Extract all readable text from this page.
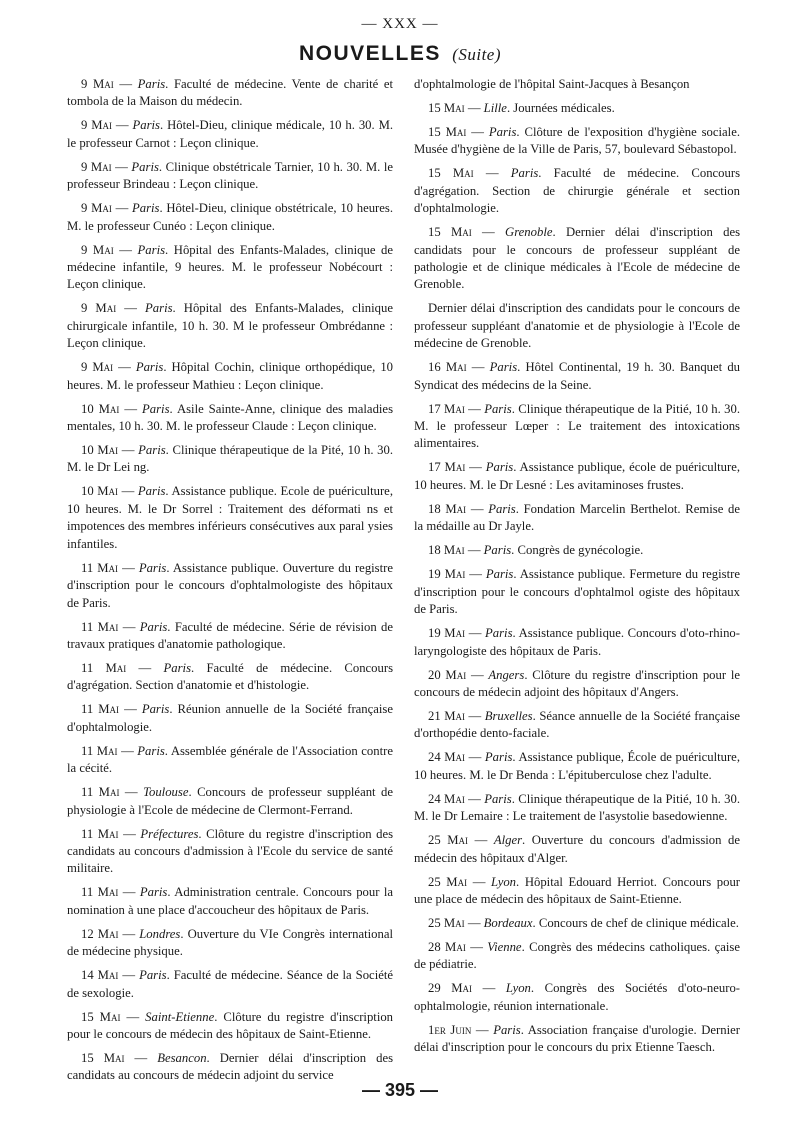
— XXX —
NOUVELLES (Suite)

9 Mai — Paris. Faculté de médecine. Vente de charité et tombola de la Maison du médecin.

9 Mai — Paris. Hôtel-Dieu, clinique médicale, 10 h. 30. M. le professeur Carnot : Leçon clinique.

9 Mai — Paris. Clinique obstétricale Tarnier, 10 h. 30. M. le professeur Brindeau : Leçon clinique.

9 Mai — Paris. Hôtel-Dieu, clinique obstétricale, 10 heures. M. le professeur Cunéo : Leçon clinique.

9 Mai — Paris. Hôpital des Enfants-Malades, clinique de médecine infantile, 9 heures. M. le professeur Nobécourt : Leçon clinique.

9 Mai — Paris. Hôpital des Enfants-Malades, clinique chirurgicale infantile, 10 h. 30. M le professeur Ombrédanne : Leçon clinique.

9 Mai — Paris. Hôpital Cochin, clinique orthopédique, 10 heures. M. le professeur Mathieu : Leçon clinique.

10 Mai — Paris. Asile Sainte-Anne, clinique des maladies mentales, 10 h. 30. M. le professeur Claude : Leçon clinique.

10 Mai — Paris. Clinique thérapeutique de la Pité, 10 h. 30. M. le Dr Lei ng.

10 Mai — Paris. Assistance publique. Ecole de puériculture, 10 heures. M. le Dr Sorrel : Traitement des déformati ns et impotences des membres inférieurs consécutives aux paral ysies infantiles.

11 Mai — Paris. Assistance publique. Ouverture du registre d'inscription pour le concours d'ophtalmologiste des hôpitaux de Paris.

11 Mai — Paris. Faculté de médecine. Série de révision de travaux pratiques d'anatomie pathologique.

11 Mai — Paris. Faculté de médecine. Concours d'agrégation. Section d'anatomie et d'histologie.

11 Mai — Paris. Réunion annuelle de la Société française d'ophtalmologie.

11 Mai — Paris. Assemblée générale de l'Association contre la cécité.

11 Mai — Toulouse. Concours de professeur suppléant de physiologie à l'Ecole de médecine de Clermont-Ferrand.

11 Mai — Préfectures. Clôture du registre d'inscription des candidats au concours d'admission à l'Ecole du service de santé militaire.

11 Mai — Paris. Administration centrale. Concours pour la nomination à une place d'accoucheur des hôpitaux de Paris.

12 Mai — Londres. Ouverture du VIe Congrès international de médecine physique.

14 Mai — Paris. Faculté de médecine. Séance de la Société de sexologie.

15 Mai — Saint-Etienne. Clôture du registre d'inscription pour le concours de médecin des hôpitaux de Saint-Etienne.

15 Mai — Besancon. Dernier délai d'inscription des candidats au concours de médecin adjoint du service

d'ophtalmologie de l'hôpital Saint-Jacques à Besançon

15 Mai — Lille. Journées médicales.

15 Mai — Paris. Clôture de l'exposition d'hygiène sociale. Musée d'hygiène de la Ville de Paris, 57, boulevard Sébastopol.

15 Mai — Paris. Faculté de médecine. Concours d'agrégation. Section de chirurgie générale et section d'ophtalmologie.

15 Mai — Grenoble. Dernier délai d'inscription des candidats pour le concours de professeur suppléant de pathologie et de clinique médicales à l'Ecole de médecine de Grenoble.

Dernier délai d'inscription des candidats pour le concours de professeur suppléant d'anatomie et de physiologie à l'Ecole de médecine de Grenoble.

16 Mai — Paris. Hôtel Continental, 19 h. 30. Banquet du Syndicat des médecins de la Seine.

17 Mai — Paris. Clinique thérapeutique de la Pitié, 10 h. 30. M. le professeur Lœper : Le traitement des intoxications alimentaires.

17 Mai — Paris. Assistance publique, école de puériculture, 10 heures. M. le Dr Lesné : Les avitaminoses frustes.

18 Mai — Paris. Fondation Marcelin Berthelot. Remise de la médaille au Dr Jayle.

18 Mai — Paris. Congrès de gynécologie.

19 Mai — Paris. Assistance publique. Fermeture du registre d'inscription pour le concours d'ophtalmol ogiste des hôpitaux de Paris.

19 Mai — Paris. Assistance publique. Concours d'oto-rhino-laryngologiste des hôpitaux de Paris.

20 Mai — Angers. Clôture du registre d'inscription pour le concours de médecin adjoint des hôpitaux d'Angers.

21 Mai — Bruxelles. Séance annuelle de la Société française d'orthopédie dento-faciale.

24 Mai — Paris. Assistance publique, École de puériculture, 10 heures. M. le Dr Benda : L'épituberculose chez l'adulte.

24 Mai — Paris. Clinique thérapeutique de la Pitié, 10 h. 30. M. le Dr Lemaire : Le traitement de l'asystolie basedowienne.

25 Mai — Alger. Ouverture du concours d'admission de médecin des hôpitaux d'Alger.

25 Mai — Lyon. Hôpital Edouard Herriot. Concours pour une place de médecin des hôpitaux de Saint-Etienne.

25 Mai — Bordeaux. Concours de chef de clinique médicale.

28 Mai — Vienne. Congrès des médecins catholiques. çaise de pédiatrie.

29 Mai — Lyon. Congrès des Sociétés d'oto-neuro-ophtalmologie, réunion internationale.

1er Juin — Paris. Association française d'urologie. Dernier délai d'inscription pour le concours du prix Etienne Taesch.

— 395 —
